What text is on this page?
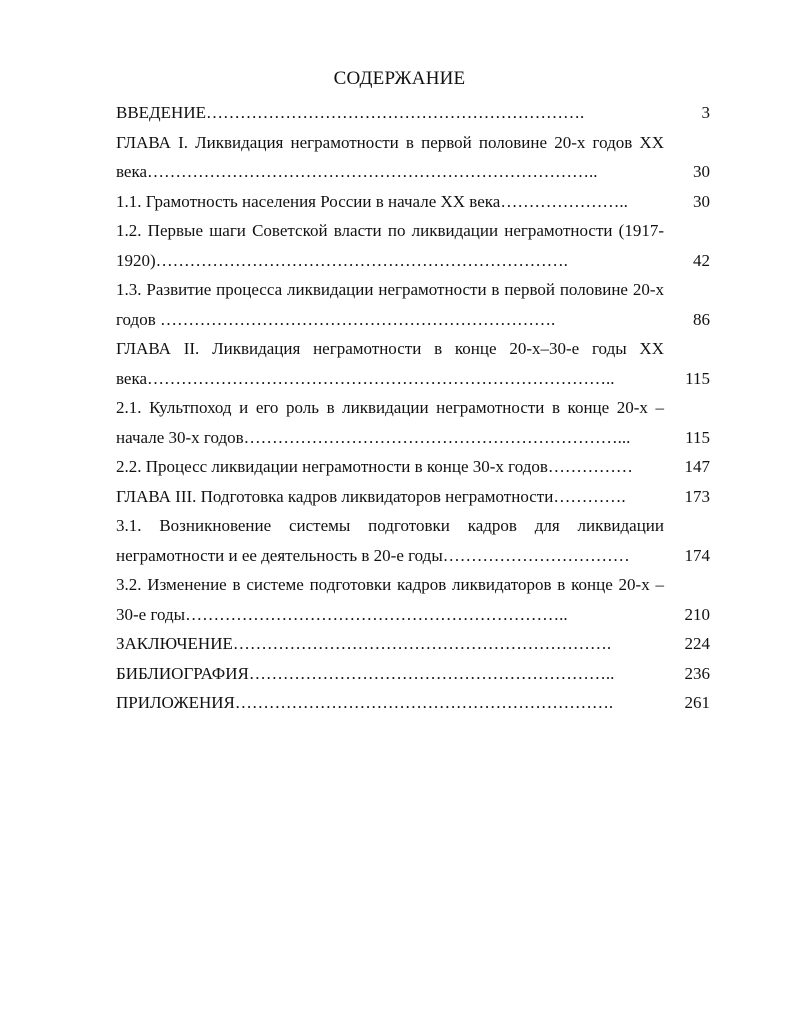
СОДЕРЖАНИЕ
ВВЕДЕНИЕ………………………………………………………….	3
ГЛАВА I. Ликвидация неграмотности в первой половине 20-х годов XX века……………………………………………………………………..	30
1.1. Грамотность населения России в начале XX века…………………..	30
1.2. Первые шаги Советской власти по ликвидации неграмотности (1917-1920)……………………………………………………………….	42
1.3. Развитие процесса ликвидации неграмотности в первой половине 20-х годов …………………………………………………………….	86
ГЛАВА II. Ликвидация неграмотности в конце 20-х–30-е годы XX века………………………………………………………………………..	115
2.1. Культпоход и его роль в ликвидации неграмотности в конце 20-х – начале 30-х годов…………………………………………………………...	115
2.2. Процесс ликвидации неграмотности в конце 30-х годов……………	147
ГЛАВА III. Подготовка кадров ликвидаторов неграмотности………….	173
3.1. Возникновение системы подготовки кадров для ликвидации неграмотности и ее деятельность в 20-е годы……………………………	174
3.2. Изменение в системе подготовки кадров ликвидаторов в конце 20-х – 30-е годы…………………………………………………………..	210
ЗАКЛЮЧЕНИЕ………………………………………………………….	224
БИБЛИОГРАФИЯ………………………………………………………..	236
ПРИЛОЖЕНИЯ………………………………………………………….	261
